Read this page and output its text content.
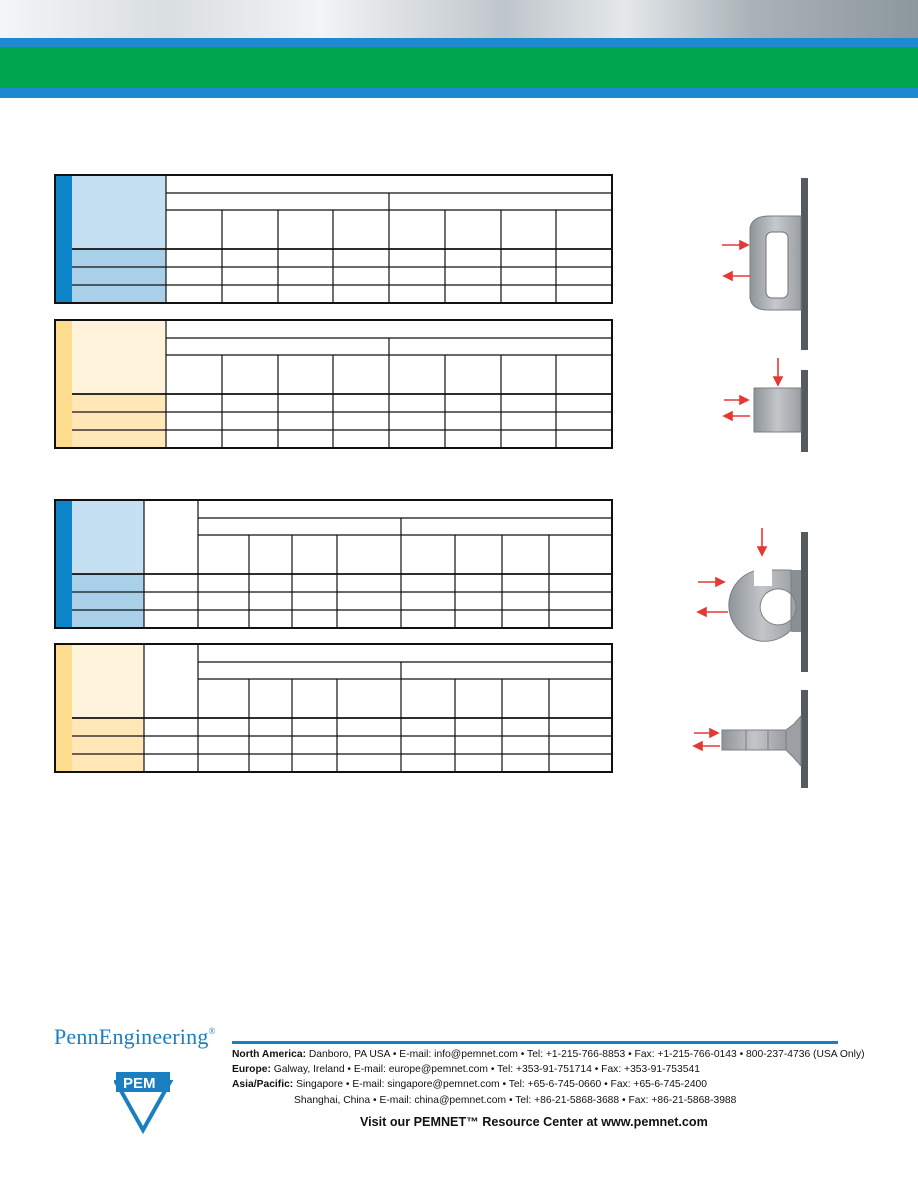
PennEngineering®
North America: Danboro, PA USA • E-mail: info@pemnet.com • Tel: +1-215-766-8853 • Fax: +1-215-766-0143 • 800-237-4736 (USA Only)
Europe: Galway, Ireland • E-mail: europe@pemnet.com • Tel: +353-91-751714 • Fax: +353-91-753541
Asia/Pacific: Singapore • E-mail: singapore@pemnet.com • Tel: +65-6-745-0660 • Fax: +65-6-745-2400
Shanghai, China • E-mail: china@pemnet.com • Tel: +86-21-5868-3688 • Fax: +86-21-5868-3988
Visit our PEMNET™ Resource Center at www.pemnet.com
PEM ®
